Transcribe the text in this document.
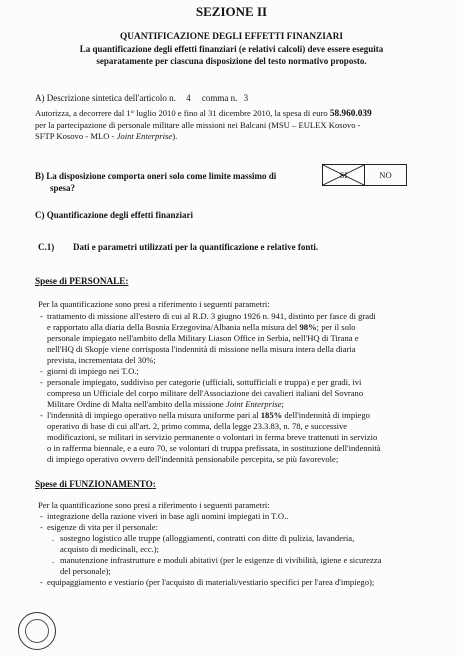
SEZIONE II
QUANTIFICAZIONE DEGLI EFFETTI FINANZIARI
La quantificazione degli effetti finanziari (e relativi calcoli) deve essere eseguita
separatamente per ciascuna disposizione del testo normativo proposto.
A) Descrizione sintetica dell'articolo n. 4 comma n. 3
Autorizza, a decorrere dal 1° luglio 2010 e fino al 31 dicembre 2010, la spesa di euro 58.960.039
per la partecipazione di personale militare alle missioni nei Balcani (MSU – EULEX Kosovo -
SFTP Kosovo - MLO - Joint Enterprise).
B) La disposizione comporta oneri solo come limite massimo di
spesa?
SI	NO
C) Quantificazione degli effetti finanziari
C.1) Dati e parametri utilizzati per la quantificazione e relative fonti.
Spese di PERSONALE:
Per la quantificazione sono presi a riferimento i seguenti parametri:
- trattamento di missione all'estero di cui al R.D. 3 giugno 1926 n. 941, distinto per fasce di gradi
e rapportato alla diaria della Bosnia Erzegovina/Albania nella misura del 98%; per il solo
personale impiegato nell'ambito della Military Liason Office in Serbia, nell'HQ di Tirana e
nell'HQ di Skopje viene corrisposta l'indennità di missione nella misura intera della diaria
prevista, incrementata del 30%;
- giorni di impiego nei T.O.;
- personale impiegato, suddiviso per categorie (ufficiali, sottufficiali e truppa) e per gradi, ivi
compreso un Ufficiale del corpo militare dell'Associazione dei cavalieri italiani del Sovrano
Militare Ordine di Malta nell'ambito della missione Joint Enterprise;
- l'indennità di impiego operativo nella misura uniforme pari al 185% dell'indennità di impiego
operativo di base di cui all'art. 2, primo comma, della legge 23.3.83, n. 78, e successive
modificazioni, se militari in servizio permanente o volontari in ferma breve trattenuti in servizio
o in rafferma biennale, e a euro 70, se volontari di truppa prefissata, in sostituzione dell'indennità
di impiego operativo ovvero dell'indennità pensionabile percepita, se più favorevole;
Spese di FUNZIONAMENTO:
Per la quantificazione sono presi a riferimento i seguenti parametri:
- integrazione della razione viveri in base agli uomini impiegati in T.O..
- esigenze di vita per il personale:
. sostegno logistico alle truppe (alloggiamenti, contratti con ditte di pulizia, lavanderia,
acquisto di medicinali, ecc.);
. manutenzione infrastrutture e moduli abitativi (per le esigenze di vivibilità, igiene e sicurezza
del personale);
- equipaggiamento e vestiario (per l'acquisto di materiali/vestiario specifici per l'area d'impiego);
